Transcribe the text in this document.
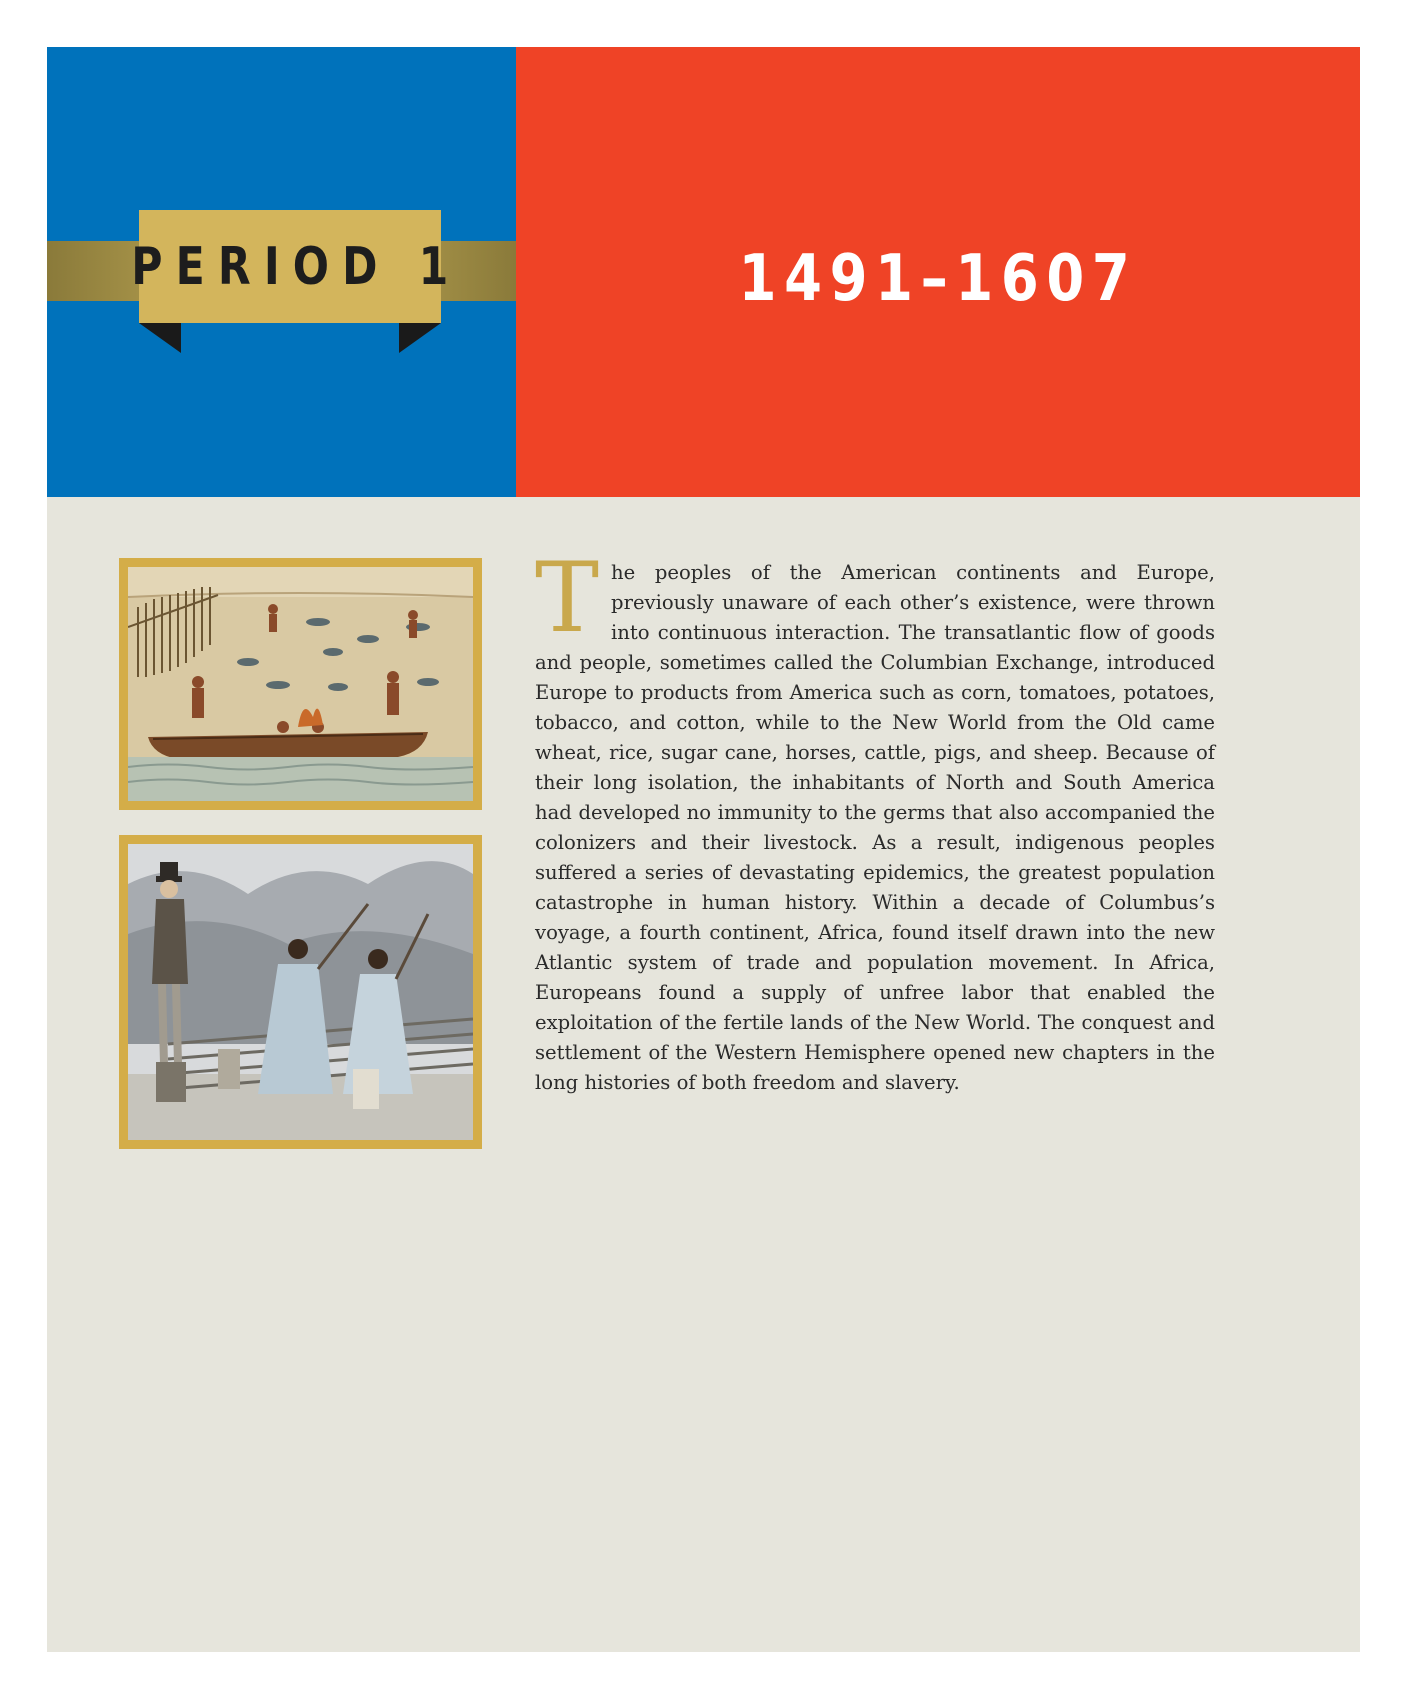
PERIOD 1	1491–1607

The peoples of the American continents and Europe, previously unaware of each other’s existence, were thrown into continuous interaction. The transatlantic flow of goods and people, sometimes called the Columbian Exchange, introduced Europe to products from America such as corn, tomatoes, potatoes, tobacco, and cotton, while to the New World from the Old came wheat, rice, sugar cane, horses, cattle, pigs, and sheep. Because of their long isolation, the inhabitants of North and South America had developed no immunity to the germs that also accompanied the colonizers and their livestock. As a result, indigenous peoples suffered a series of devastating epidemics, the greatest population catastrophe in human history. Within a decade of Columbus’s voyage, a fourth continent, Africa, found itself drawn into the new Atlantic system of trade and population movement. In Africa, Europeans found a supply of unfree labor that enabled the exploitation of the fertile lands of the New World. The conquest and settlement of the Western Hemisphere opened new chapters in the long histories of both freedom and slavery.
